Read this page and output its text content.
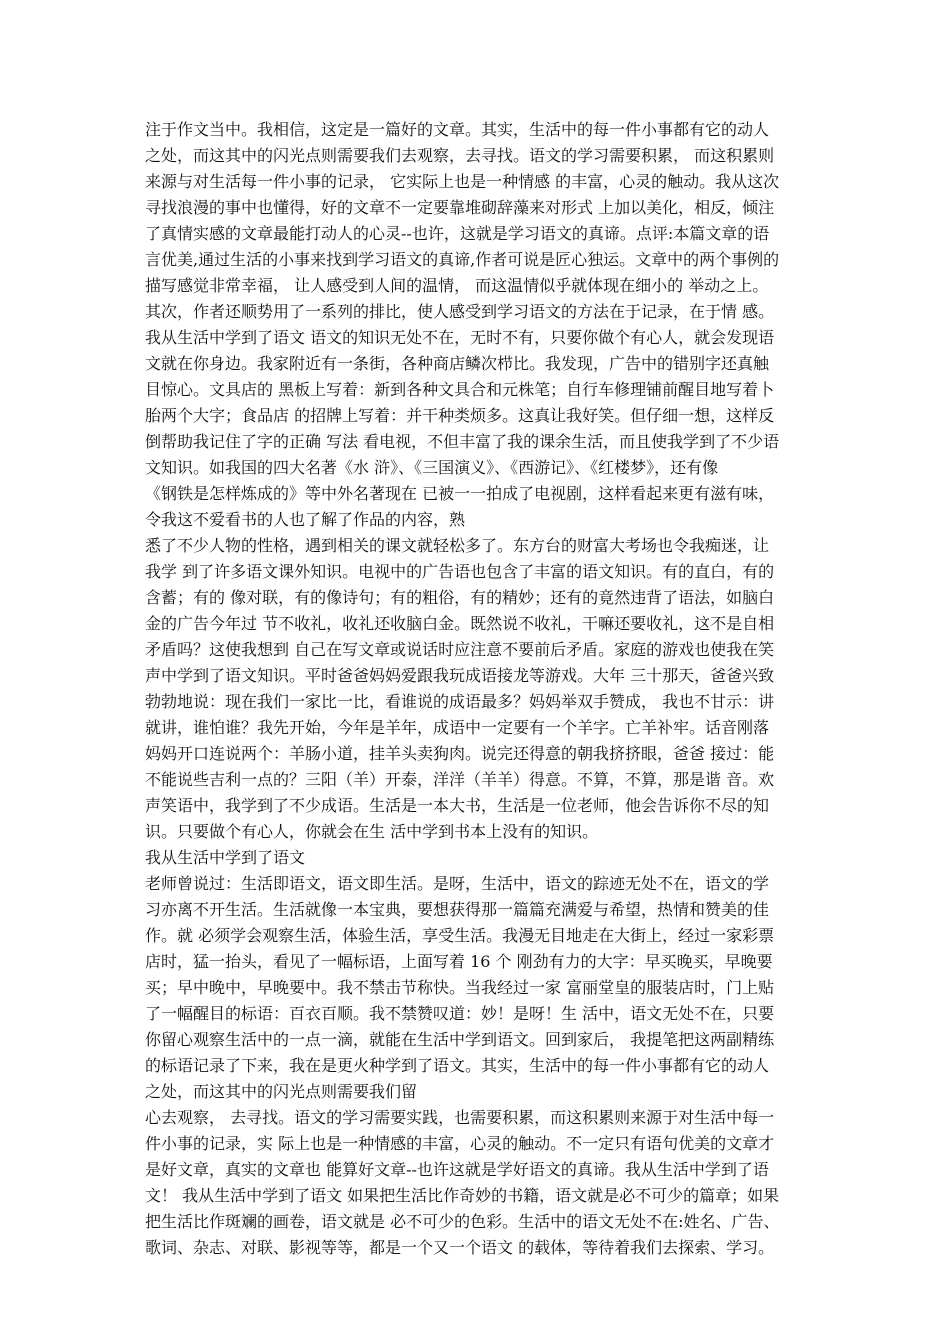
注于作文当中。我相信，这定是一篇好的文章。其实，生活中的每一件小事都有它的动人
之处，而这其中的闪光点则需要我们去观察，去寻找。语文的学习需要积累， 而这积累则
来源与对生活每一件小事的记录， 它实际上也是一种情感 的丰富，心灵的触动。我从这次
寻找浪漫的事中也懂得，好的文章不一定要靠堆砌辞藻来对形式 上加以美化，相反，倾注
了真情实感的文章最能打动人的心灵--也许，这就是学习语文的真谛。点评:本篇文章的语
言优美,通过生活的小事来找到学习语文的真谛,作者可说是匠心独运。文章中的两个事例的
描写感觉非常幸福， 让人感受到人间的温情， 而这温情似乎就体现在细小的 举动之上。
其次，作者还顺势用了一系列的排比，使人感受到学习语文的方法在于记录，在于情 感。
我从生活中学到了语文 语文的知识无处不在，无时不有，只要你做个有心人，就会发现语
文就在你身边。我家附近有一条街，各种商店鳞次栉比。我发现，广告中的错别字还真触
目惊心。文具店的 黑板上写着：新到各种文具合和元株笔；自行车修理铺前醒目地写着卜
胎两个大字；食品店 的招牌上写着：并干种类烦多。这真让我好笑。但仔细一想，这样反
倒帮助我记住了字的正确 写法 看电视，不但丰富了我的课余生活，而且使我学到了不少语
文知识。如我国的四大名著《水 浒》、《三国演义》、《西游记》、《红楼梦》，还有像
《钢铁是怎样炼成的》等中外名著现在 已被一一拍成了电视剧，这样看起来更有滋有味，
令我这不爱看书的人也了解了作品的内容，熟
悉了不少人物的性格，遇到相关的课文就轻松多了。东方台的财富大考场也令我痴迷，让
我学 到了许多语文课外知识。电视中的广告语也包含了丰富的语文知识。有的直白，有的
含蓄；有的 像对联，有的像诗句；有的粗俗，有的精妙；还有的竟然违背了语法，如脑白
金的广告今年过 节不收礼，收礼还收脑白金。既然说不收礼，干嘛还要收礼，这不是自相
矛盾吗？这使我想到 自己在写文章或说话时应注意不要前后矛盾。家庭的游戏也使我在笑
声中学到了语文知识。平时爸爸妈妈爱跟我玩成语接龙等游戏。大年 三十那天，爸爸兴致
勃勃地说：现在我们一家比一比，看谁说的成语最多？妈妈举双手赞成， 我也不甘示：讲
就讲，谁怕谁？我先开始，今年是羊年，成语中一定要有一个羊字。亡羊补牢。话音刚落
妈妈开口连说两个：羊肠小道，挂羊头卖狗肉。说完还得意的朝我挤挤眼，爸爸 接过：能
不能说些吉利一点的？三阳（羊）开泰，洋洋（羊羊）得意。不算，不算，那是谐 音。欢
声笑语中，我学到了不少成语。生活是一本大书，生活是一位老师，他会告诉你不尽的知
识。只要做个有心人，你就会在生 活中学到书本上没有的知识。
我从生活中学到了语文
老师曾说过：生活即语文，语文即生活。是呀，生活中，语文的踪迹无处不在，语文的学
习亦离不开生活。生活就像一本宝典，要想获得那一篇篇充满爱与希望，热情和赞美的佳
作。就 必须学会观察生活，体验生活，享受生活。我漫无目地走在大街上，经过一家彩票
店时，猛一抬头，看见了一幅标语，上面写着 16 个 刚劲有力的大字：早买晚买，早晚要
买；早中晚中，早晚要中。我不禁击节称快。当我经过一家 富丽堂皇的服装店时，门上贴
了一幅醒目的标语：百衣百顺。我不禁赞叹道：妙！是呀！生 活中，语文无处不在，只要
你留心观察生活中的一点一滴，就能在生活中学到语文。回到家后， 我提笔把这两副精练
的标语记录了下来，我在是更火种学到了语文。其实，生活中的每一件小事都有它的动人
之处，而这其中的闪光点则需要我们留
心去观察， 去寻找。语文的学习需要实践，也需要积累，而这积累则来源于对生活中每一
件小事的记录，实 际上也是一种情感的丰富，心灵的触动。不一定只有语句优美的文章才
是好文章，真实的文章也 能算好文章--也许这就是学好语文的真谛。我从生活中学到了语
文！ 我从生活中学到了语文 如果把生活比作奇妙的书籍，语文就是必不可少的篇章；如果
把生活比作斑斓的画卷，语文就是 必不可少的色彩。生活中的语文无处不在:姓名、广告、
歌词、杂志、对联、影视等等，都是一个又一个语文 的载体，等待着我们去探索、学习。
